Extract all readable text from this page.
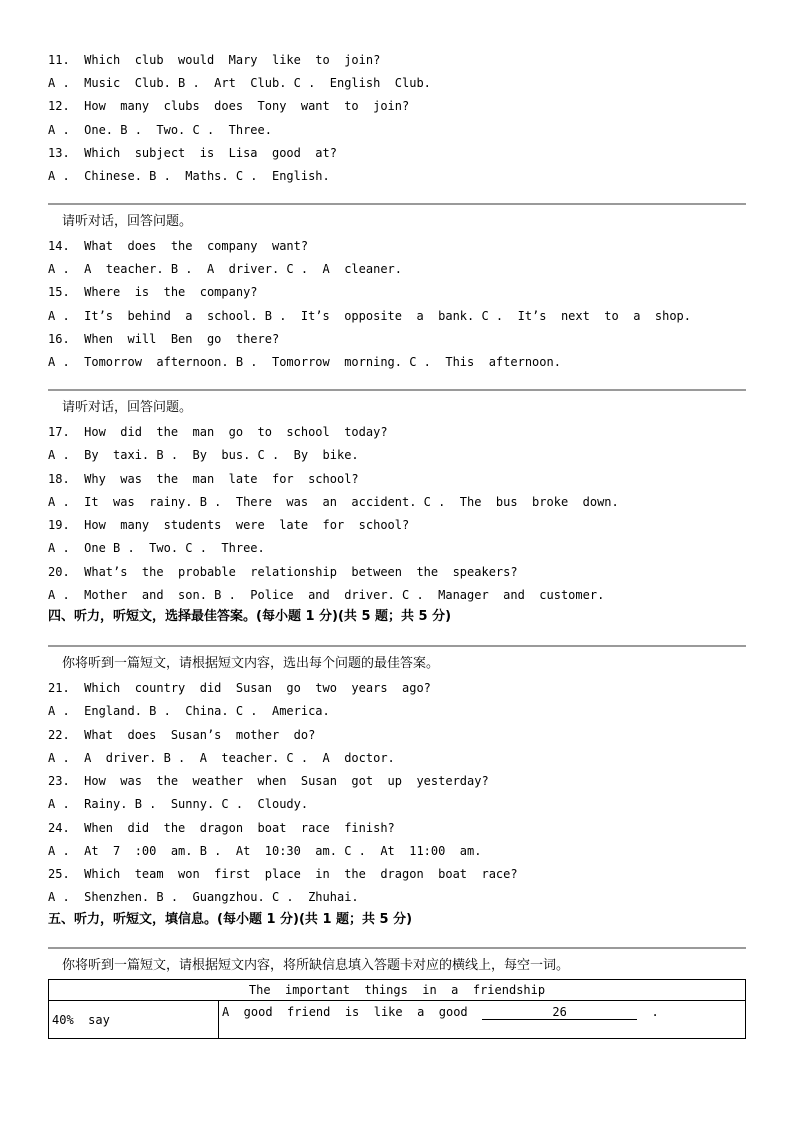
11.  Which  club  would  Mary  like  to  join?
A .  Music  Club. B .  Art  Club. C .  English  Club.
12.  How  many  clubs  does  Tony  want  to  join?
A .  One. B .  Two. C .  Three.
13.  Which  subject  is  Lisa  good  at?
A .  Chinese. B .  Maths. C .  English.
请听对话，回答问题。
14.  What  does  the  company  want?
A .  A  teacher. B .  A  driver. C .  A  cleaner.
15.  Where  is  the  company?
A .  It’s  behind  a  school. B .  It’s  opposite  a  bank. C .  It’s  next  to  a  shop.
16.  When  will  Ben  go  there?
A .  Tomorrow  afternoon. B .  Tomorrow  morning. C .  This  afternoon.
请听对话，回答问题。
17.  How  did  the  man  go  to  school  today?
A .  By  taxi. B .  By  bus. C .  By  bike.
18.  Why  was  the  man  late  for  school?
A .  It  was  rainy. B .  There  was  an  accident. C .  The  bus  broke  down.
19.  How  many  students  were  late  for  school?
A .  One B .  Two. C .  Three.
20.  What’s  the  probable  relationship  between  the  speakers?
A .  Mother  and  son. B .  Police  and  driver. C .  Manager  and  customer.
四、听力，听短文，选择最佳答案。(每小题 1 分)(共 5 题；共 5 分)
你将听到一篇短文，请根据短文内容，选出每个问题的最佳答案。
21.  Which  country  did  Susan  go  two  years  ago?
A .  England. B .  China. C .  America.
22.  What  does  Susan’s  mother  do?
A .  A  driver. B .  A  teacher. C .  A  doctor.
23.  How  was  the  weather  when  Susan  got  up  yesterday?
A .  Rainy. B .  Sunny. C .  Cloudy.
24.  When  did  the  dragon  boat  race  finish?
A .  At  7  :00  am. B .  At  10:30  am. C .  At  11:00  am.
25.  Which  team  won  first  place  in  the  dragon  boat  race?
A .  Shenzhen. B .  Guangzhou. C .  Zhuhai.
五、听力，听短文，填信息。(每小题 1 分)(共 1 题；共 5 分)
你将听到一篇短文，请根据短文内容，将所缺信息填入答题卡对应的横线上，每空一词。
The  important  things  in  a  friendship
40%  say	A  good  friend  is  like  a  good	26	.
